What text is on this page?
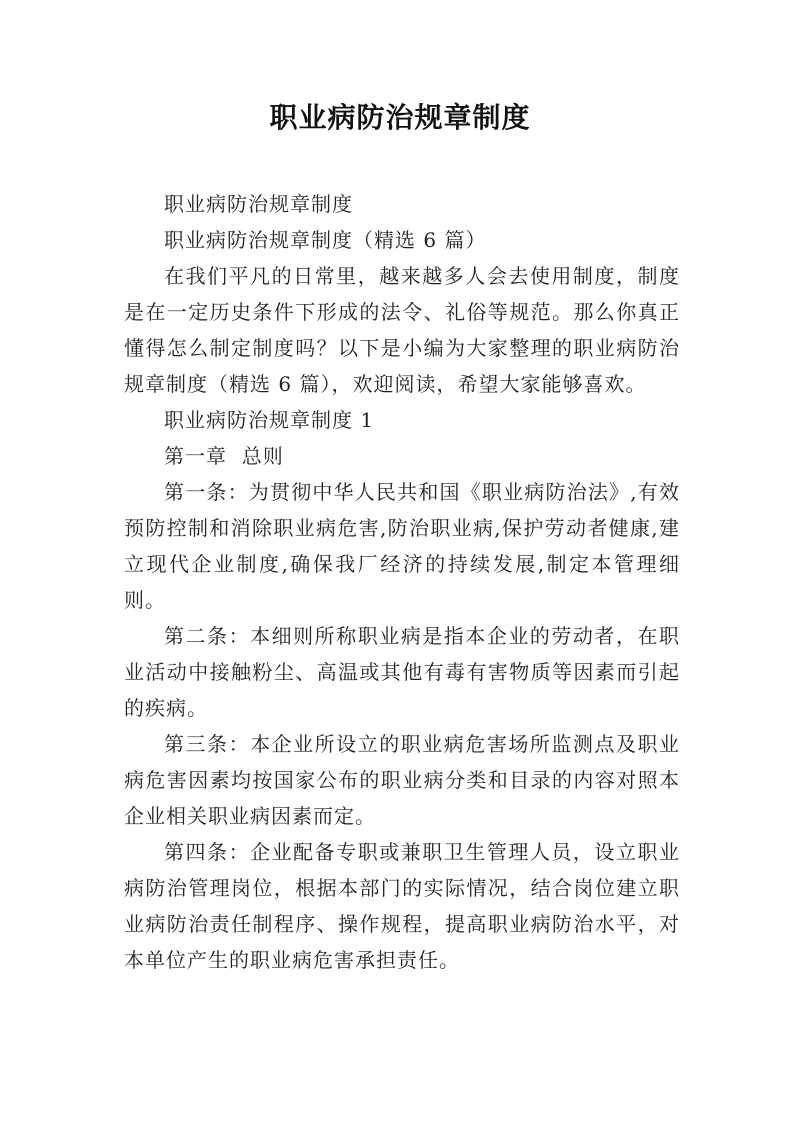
职业病防治规章制度

职业病防治规章制度

职业病防治规章制度（精选 6 篇）

在我们平凡的日常里，越来越多人会去使用制度，制度是在一定历史条件下形成的法令、礼俗等规范。那么你真正懂得怎么制定制度吗？以下是小编为大家整理的职业病防治规章制度（精选 6 篇），欢迎阅读，希望大家能够喜欢。

职业病防治规章制度 1

第一章  总则

第一条：为贯彻中华人民共和国《职业病防治法》,有效预防控制和消除职业病危害,防治职业病,保护劳动者健康,建立现代企业制度,确保我厂经济的持续发展,制定本管理细则。

第二条：本细则所称职业病是指本企业的劳动者，在职业活动中接触粉尘、高温或其他有毒有害物质等因素而引起的疾病。

第三条：本企业所设立的职业病危害场所监测点及职业病危害因素均按国家公布的职业病分类和目录的内容对照本企业相关职业病因素而定。

第四条：企业配备专职或兼职卫生管理人员，设立职业病防治管理岗位，根据本部门的实际情况，结合岗位建立职业病防治责任制程序、操作规程，提高职业病防治水平，对本单位产生的职业病危害承担责任。
